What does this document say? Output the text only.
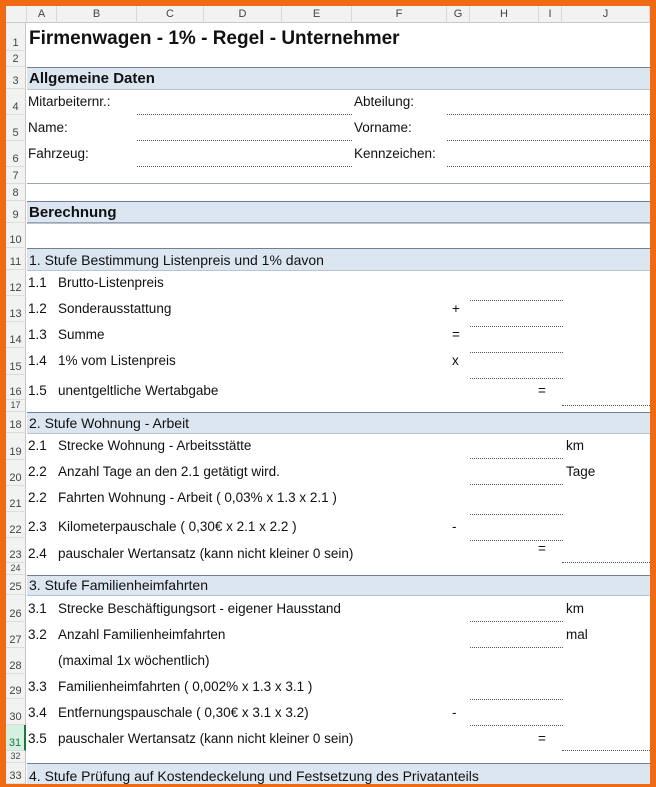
A	B	C	D	E	F	G	H	I	J
1
2
3
4
5
6
7
8
9
10
11
12
13
14
15
16
17
18
19
20
21
22
23
24
25
26
27
28
29
30
31
32
33
Firmenwagen - 1% - Regel - Unternehmer
Allgemeine Daten
Mitarbeiternr.:	Abteilung:
Name:	Vorname:
Fahrzeug:	Kennzeichen:
Berechnung
1. Stufe Bestimmung Listenpreis und 1% davon
1.1 Brutto-Listenpreis
1.2 Sonderausstattung	+
1.3 Summe	=
1.4 1% vom Listenpreis	x
1.5 unentgeltliche Wertabgabe	=
2. Stufe Wohnung - Arbeit
2.1 Strecke Wohnung - Arbeitsstätte	km
2.2 Anzahl Tage an den 2.1 getätigt wird.	Tage
2.2 Fahrten Wohnung - Arbeit ( 0,03% x 1.3 x 2.1 )
2.3 Kilometerpauschale ( 0,30€ x 2.1 x 2.2 )	-
2.4 pauschaler Wertansatz (kann nicht kleiner 0 sein)	=
3. Stufe Familienheimfahrten
3.1 Strecke Beschäftigungsort - eigener Hausstand	km
3.2 Anzahl Familienheimfahrten	mal
(maximal 1x wöchentlich)
3.3 Familienheimfahrten ( 0,002% x 1.3 x 3.1 )
3.4 Entfernungspauschale ( 0,30€ x 3.1 x 3.2)	-
3.5 pauschaler Wertansatz (kann nicht kleiner 0 sein)	=
4. Stufe Prüfung auf Kostendeckelung und Festsetzung des Privatanteils
